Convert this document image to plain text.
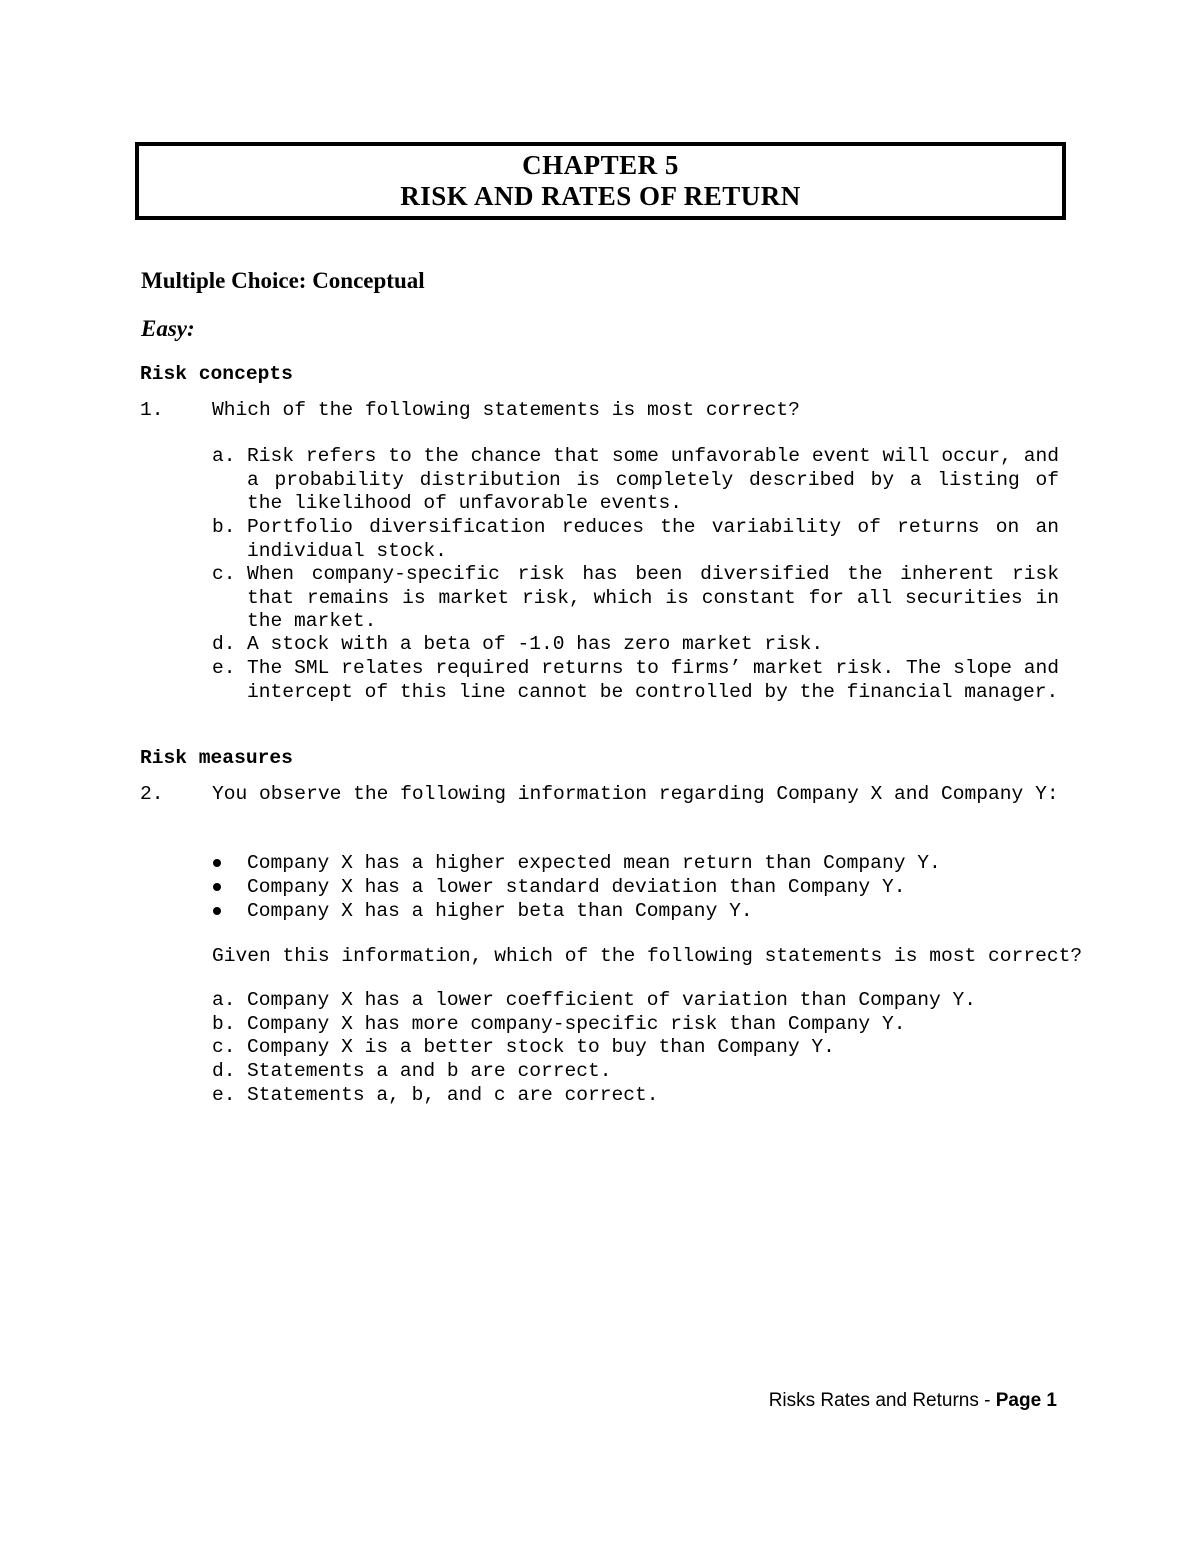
CHAPTER 5
RISK AND RATES OF RETURN
Multiple Choice: Conceptual
Easy:
Risk concepts
1. Which of the following statements is most correct?
a. Risk refers to the chance that some unfavorable event will occur, and a probability distribution is completely described by a listing of the likelihood of unfavorable events.
b. Portfolio diversification reduces the variability of returns on an individual stock.
c. When company-specific risk has been diversified the inherent risk that remains is market risk, which is constant for all securities in the market.
d. A stock with a beta of -1.0 has zero market risk.
e. The SML relates required returns to firms’ market risk. The slope and intercept of this line cannot be controlled by the financial manager.
Risk measures
2. You observe the following information regarding Company X and Company Y:
Company X has a higher expected mean return than Company Y.
Company X has a lower standard deviation than Company Y.
Company X has a higher beta than Company Y.
Given this information, which of the following statements is most correct?
a. Company X has a lower coefficient of variation than Company Y.
b. Company X has more company-specific risk than Company Y.
c. Company X is a better stock to buy than Company Y.
d. Statements a and b are correct.
e. Statements a, b, and c are correct.
Risks Rates and Returns - Page 1
